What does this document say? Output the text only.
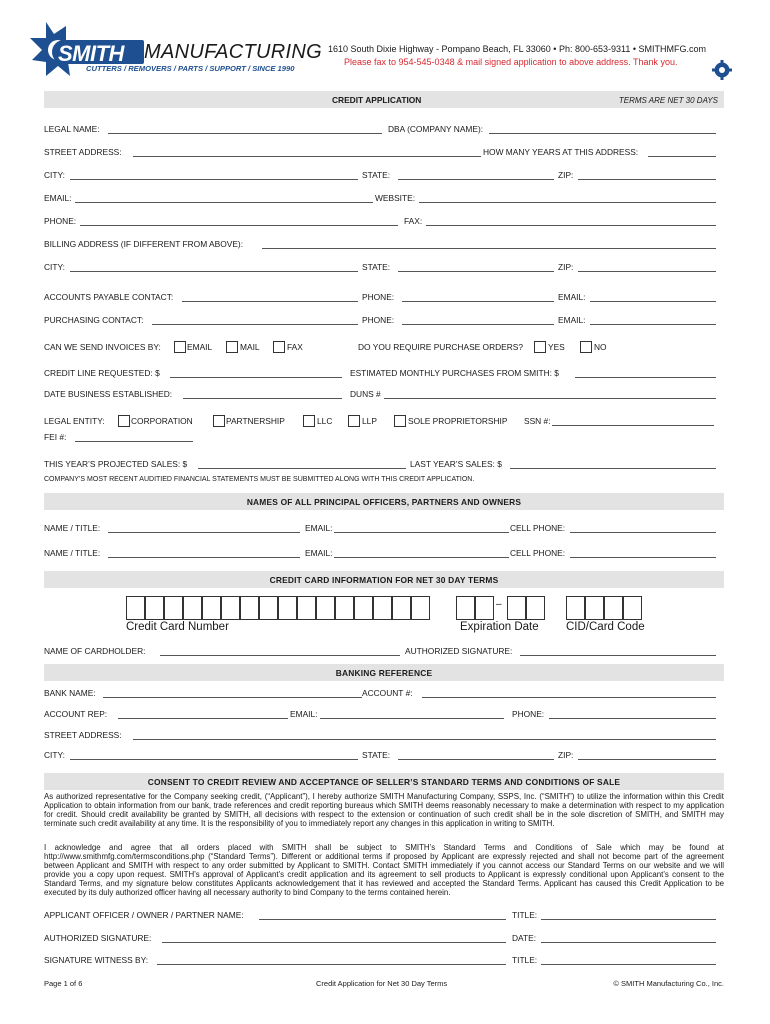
SMITH MANUFACTURING
CUTTERS / REMOVERS / PARTS / SUPPORT / SINCE 1990
1610 South Dixie Highway - Pompano Beach, FL 33060 • Ph: 800-653-9311 • SMITHMFG.com
Please fax to 954-545-0348 & mail signed application to above address. Thank you.
CREDIT APPLICATION	TERMS ARE NET 30 DAYS
LEGAL NAME:	DBA (COMPANY NAME):
STREET ADDRESS:	HOW MANY YEARS AT THIS ADDRESS:
CITY:	STATE:	ZIP:
EMAIL:	WEBSITE:
PHONE:	FAX:
BILLING ADDRESS (IF DIFFERENT FROM ABOVE):
CITY:	STATE:	ZIP:
ACCOUNTS PAYABLE CONTACT:	PHONE:	EMAIL:
PURCHASING CONTACT:	PHONE:	EMAIL:
CAN WE SEND INVOICES BY:	EMAIL	MAIL	FAX	DO YOU REQUIRE PURCHASE ORDERS?	YES	NO
CREDIT LINE REQUESTED: $	ESTIMATED MONTHLY PURCHASES FROM SMITH: $
DATE BUSINESS ESTABLISHED:	DUNS #
LEGAL ENTITY:	CORPORATION	PARTNERSHIP	LLC	LLP	SOLE PROPRIETORSHIP SSN #:
FEI #:
THIS YEAR’S PROJECTED SALES: $	LAST YEAR’S SALES: $
COMPANY’S MOST RECENT AUDITIED FINANCIAL STATEMENTS MUST BE SUBMITTED ALONG WITH THIS CREDIT APPLICATION.
NAMES OF ALL PRINCIPAL OFFICERS, PARTNERS AND OWNERS
NAME / TITLE:	EMAIL:	CELL PHONE:
NAME / TITLE:	EMAIL:	CELL PHONE:
CREDIT CARD INFORMATION FOR NET 30 DAY TERMS
–
Credit Card Number	Expiration Date CID/Card Code
NAME OF CARDHOLDER:	AUTHORIZED SIGNATURE:
BANKING REFERENCE
BANK NAME:	ACCOUNT #:
ACCOUNT REP:	EMAIL:	PHONE:
STREET ADDRESS:
CITY:	STATE:	ZIP:
CONSENT TO CREDIT REVIEW AND ACCEPTANCE OF SELLER’S STANDARD TERMS AND CONDITIONS OF SALE
As authorized representative for the Company seeking credit, (“Applicant”), I hereby authorize SMITH Manufacturing Company, SSPS, Inc. (“SMITH”) to utilize the information within this Credit Application to obtain information from our bank, trade references and credit reporting bureaus which SMITH deems reasonably necessary to make a determination with respect to my application for credit. Should credit availability be granted by SMITH, all decisions with respect to the extension or continuation of such credit shall be in the sole discretion of SMITH, and SMITH may terminate such credit availability at any time. It is the responsibility of you to immediately report any changes in this application in writing to SMITH.
I acknowledge and agree that all orders placed with SMITH shall be subject to SMITH’s Standard Terms and Conditions of Sale which may be found at http://www.smithmfg.com/termsconditions.php (“Standard Terms”). Different or additional terms if proposed by Applicant are expressly rejected and shall not become part of the agreement between Applicant and SMITH with respect to any order submitted by Applicant to SMITH. Contact SMITH immediately if you cannot access our Standard Terms on our website and we will provide you a copy upon request. SMITH’s approval of Applicant’s credit application and its agreement to sell products to Applicant is expressly conditional upon Applicant’s consent to the Standard Terms, and my signature below constitutes Applicants acknowledgement that it has reviewed and accepted the Standard Terms. Applicant has caused this Credit Application to be executed by its duly authorized officer having all necessary authority to bind Company to the terms contained herein.
APPLICANT OFFICER / OWNER / PARTNER NAME:	TITLE:
AUTHORIZED SIGNATURE:	DATE:
SIGNATURE WITNESS BY:	TITLE:
Page 1 of 6	Credit Application for Net 30 Day Terms	© SMITH Manufacturing Co., Inc.
